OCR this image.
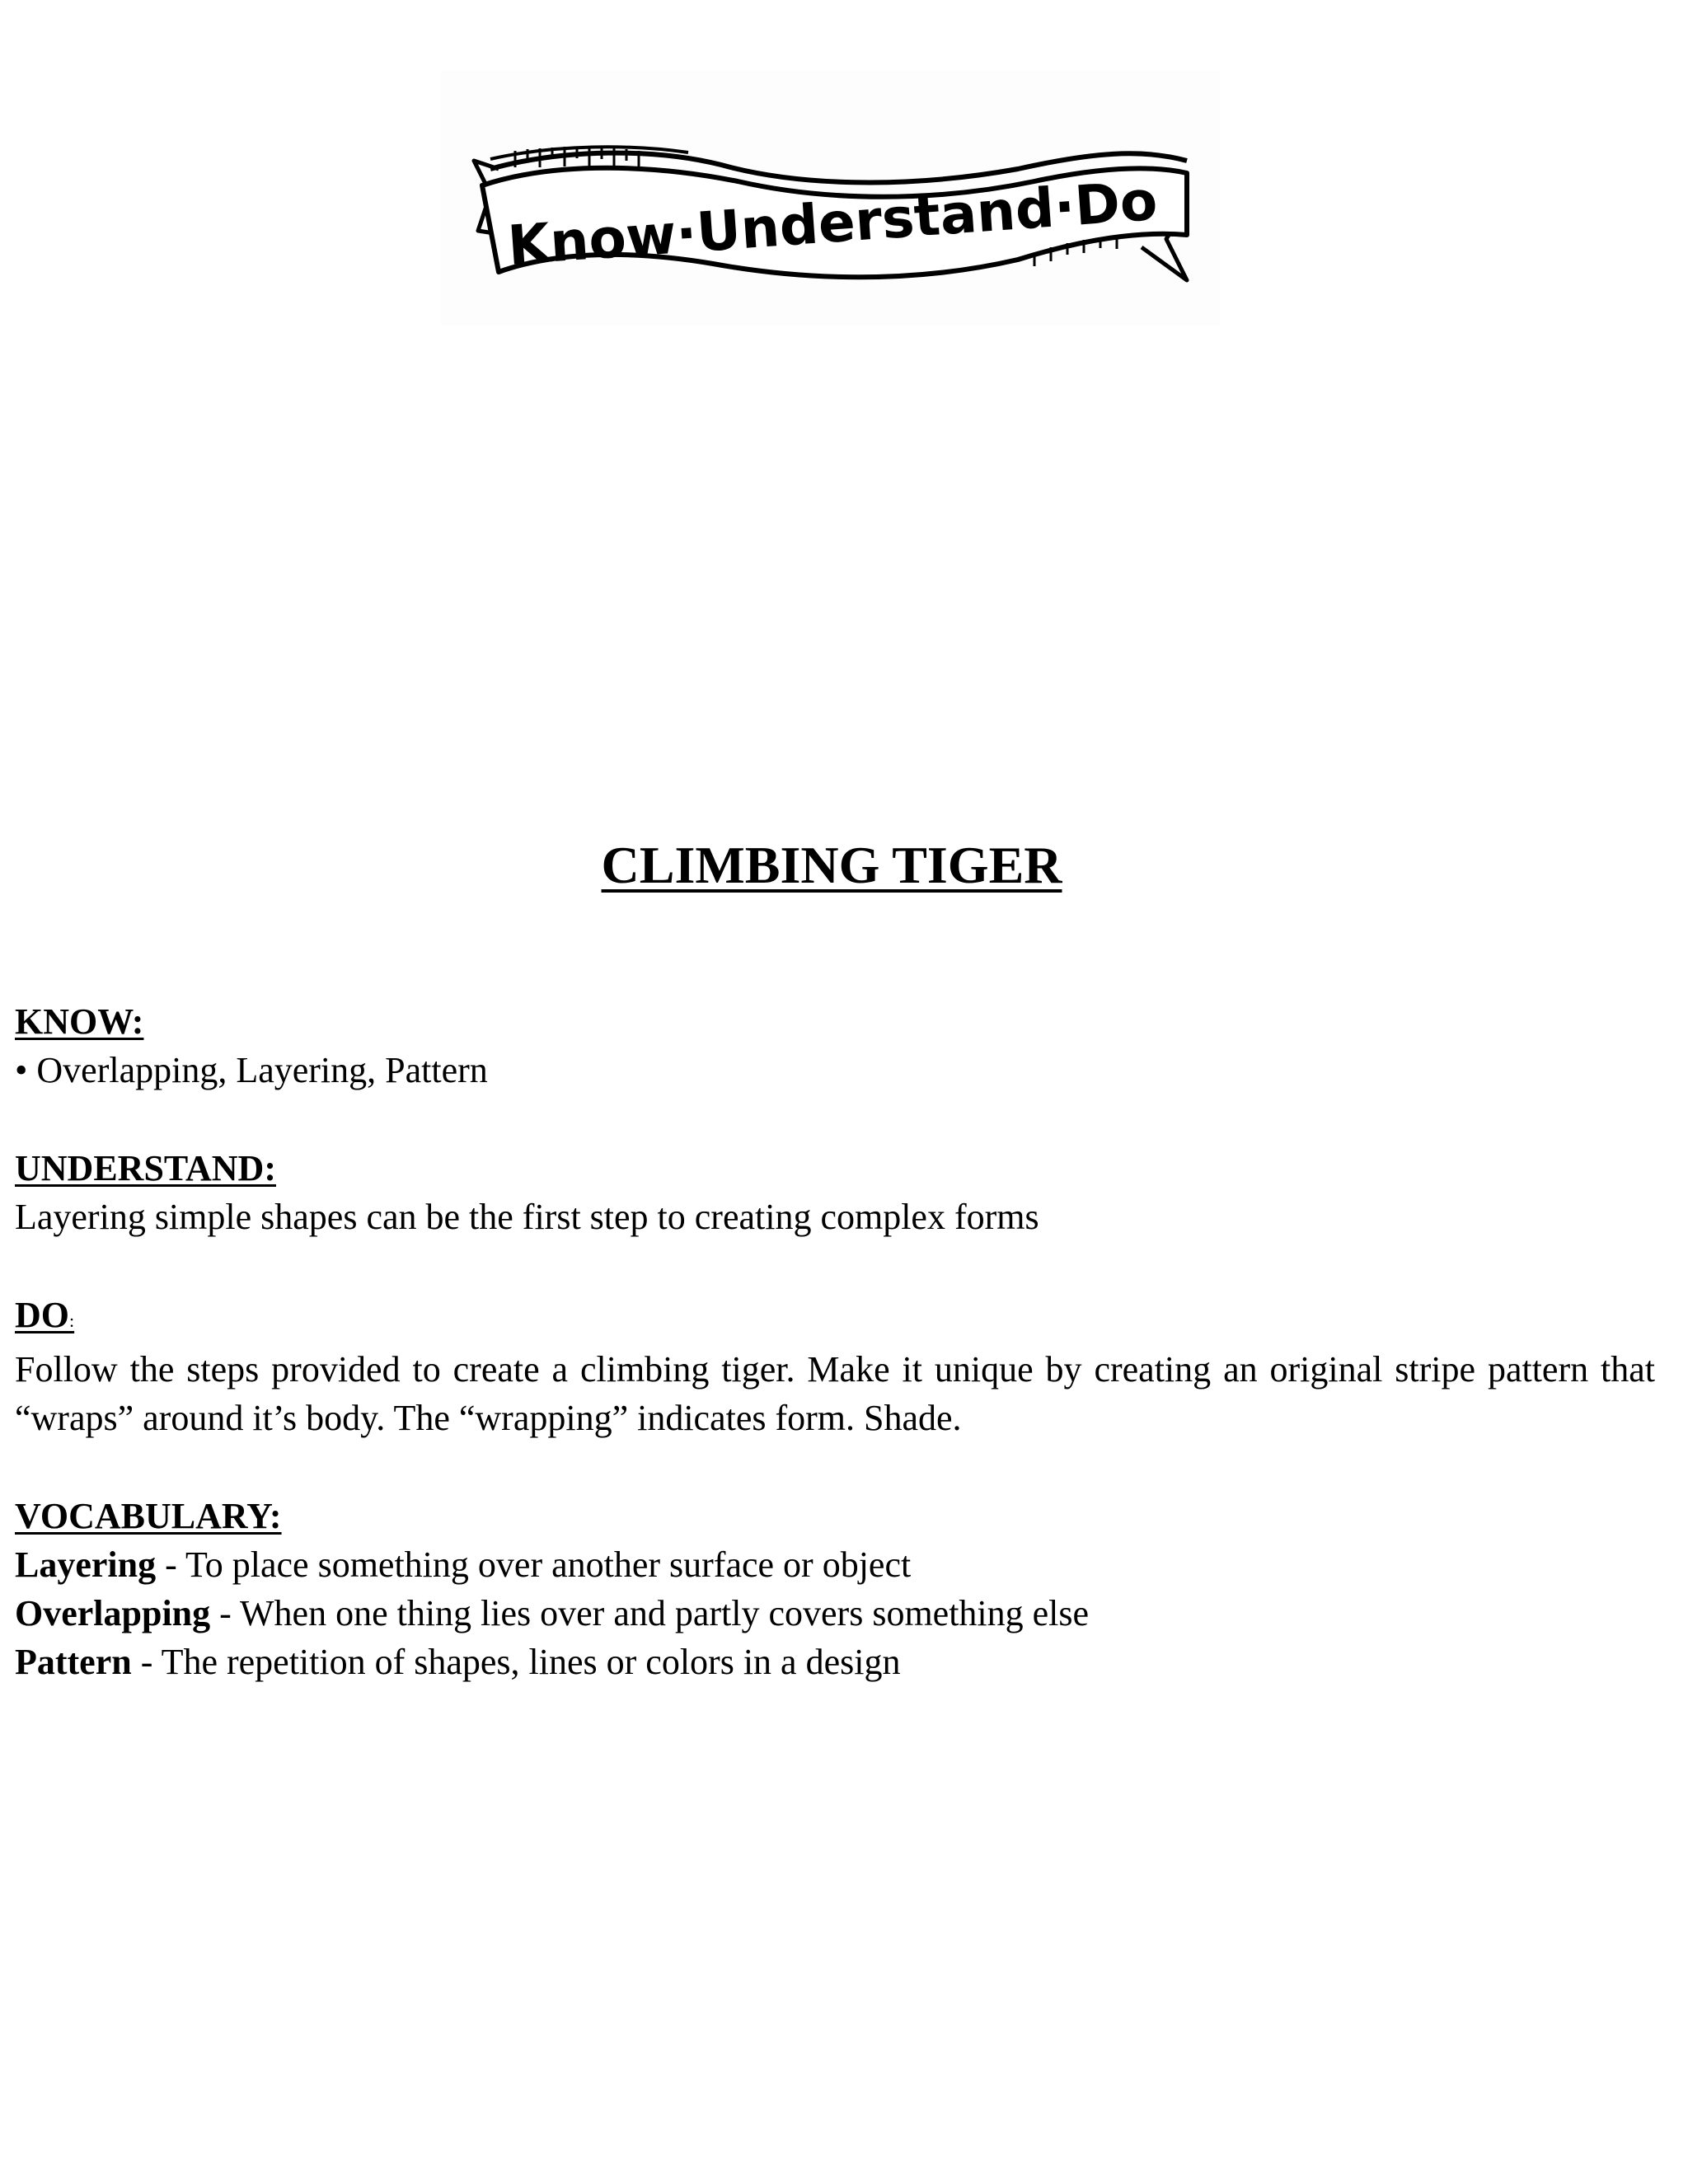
Know·Understand·Do
CLIMBING TIGER
KNOW:
• Overlapping, Layering, Pattern
UNDERSTAND:
Layering simple shapes can be the first step to creating complex forms
DO:
Follow the steps provided to create a climbing tiger. Make it unique by creating an original stripe pattern that “wraps” around it’s body. The “wrapping” indicates form. Shade.
VOCABULARY:
Layering - To place something over another surface or object
Overlapping - When one thing lies over and partly covers something else
Pattern - The repetition of shapes, lines or colors in a design
